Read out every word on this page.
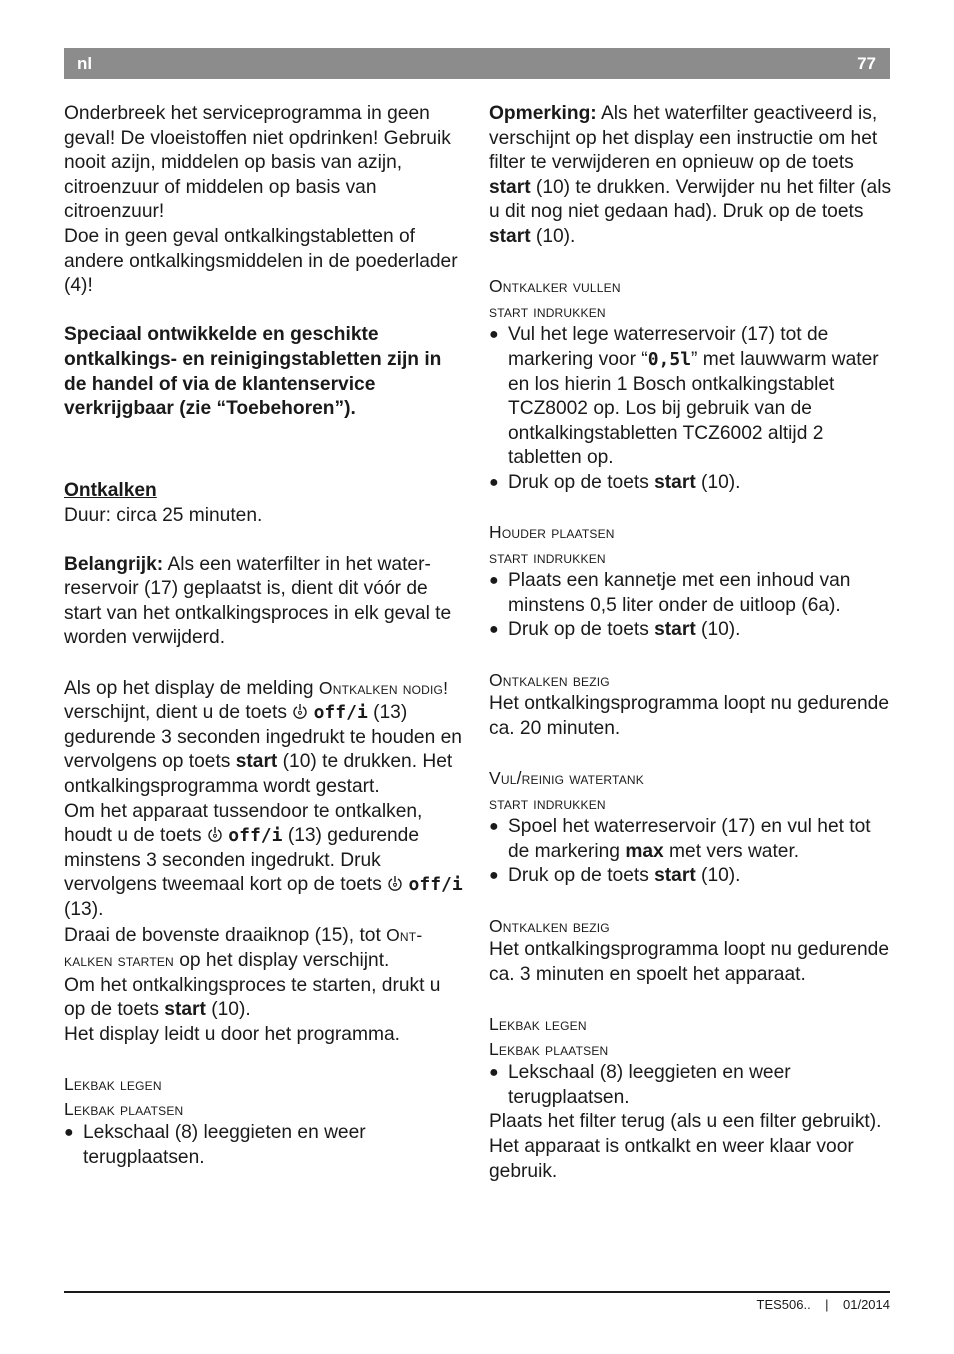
nl	77

Onderbreek het serviceprogramma in geen geval! De vloeistoffen niet opdrinken! Gebruik nooit azijn, middelen op basis van azijn, citroenzuur of middelen op basis van citroenzuur!

Doe in geen geval ontkalkingstabletten of andere ontkalkingsmiddelen in de poederlader (4)!

Speciaal ontwikkelde en geschikte ontkalkings- en reinigingstabletten zijn in de handel of via de klantenservice verkrijgbaar (zie “Toebehoren”).

Ontkalken

Duur: circa 25 minuten.

Belangrijk: Als een waterfilter in het waterreservoir (17) geplaatst is, dient dit vóór de start van het ontkalkingsproces in elk geval te worden verwijderd.

Als op het display de melding Ontkalken nodig! verschijnt, dient u de toets  off/i (13) gedurende 3 seconden ingedrukt te houden en vervolgens op toets start (10) te drukken. Het ontkalkingsprogramma wordt gestart.

Om het apparaat tussendoor te ontkalken, houdt u de toets  off/i (13) gedurende minstens 3 seconden ingedrukt. Druk vervolgens tweemaal kort op de toets  off/i (13).

Draai de bovenste draaiknop (15), tot Ontkalken starten op het display verschijnt.

Om het ontkalkingsproces te starten, drukt u op de toets start (10).

Het display leidt u door het programma.

Lekbak legen

Lekbak plaatsen

● Lekschaal (8) leeggieten en weer terugplaatsen.

Opmerking: Als het waterfilter geactiveerd is, verschijnt op het display een instructie om het filter te verwijderen en opnieuw op de toets start (10) te drukken. Verwijder nu het filter (als u dit nog niet gedaan had). Druk op de toets start (10).

Ontkalker vullen

start indrukken

● Vul het lege waterreservoir (17) tot de markering voor “0,5l” met lauwwarm water en los hierin 1 Bosch ontkalkingstablet TCZ8002 op. Los bij gebruik van de ontkalkingstabletten TCZ6002 altijd 2 tabletten op.
● Druk op de toets start (10).

Houder plaatsen

start indrukken

● Plaats een kannetje met een inhoud van minstens 0,5 liter onder de uitloop (6a).
● Druk op de toets start (10).

Ontkalken bezig

Het ontkalkingsprogramma loopt nu gedurende ca. 20 minuten.

Vul/reinig watertank

start indrukken

● Spoel het waterreservoir (17) en vul het tot de markering max met vers water.
● Druk op de toets start (10).

Ontkalken bezig

Het ontkalkingsprogramma loopt nu gedurende ca. 3 minuten en spoelt het apparaat.

Lekbak legen

Lekbak plaatsen

● Lekschaal (8) leeggieten en weer terugplaatsen.

Plaats het filter terug (als u een filter gebruikt). Het apparaat is ontkalkt en weer klaar voor gebruik.

TES506.. | 01/2014
